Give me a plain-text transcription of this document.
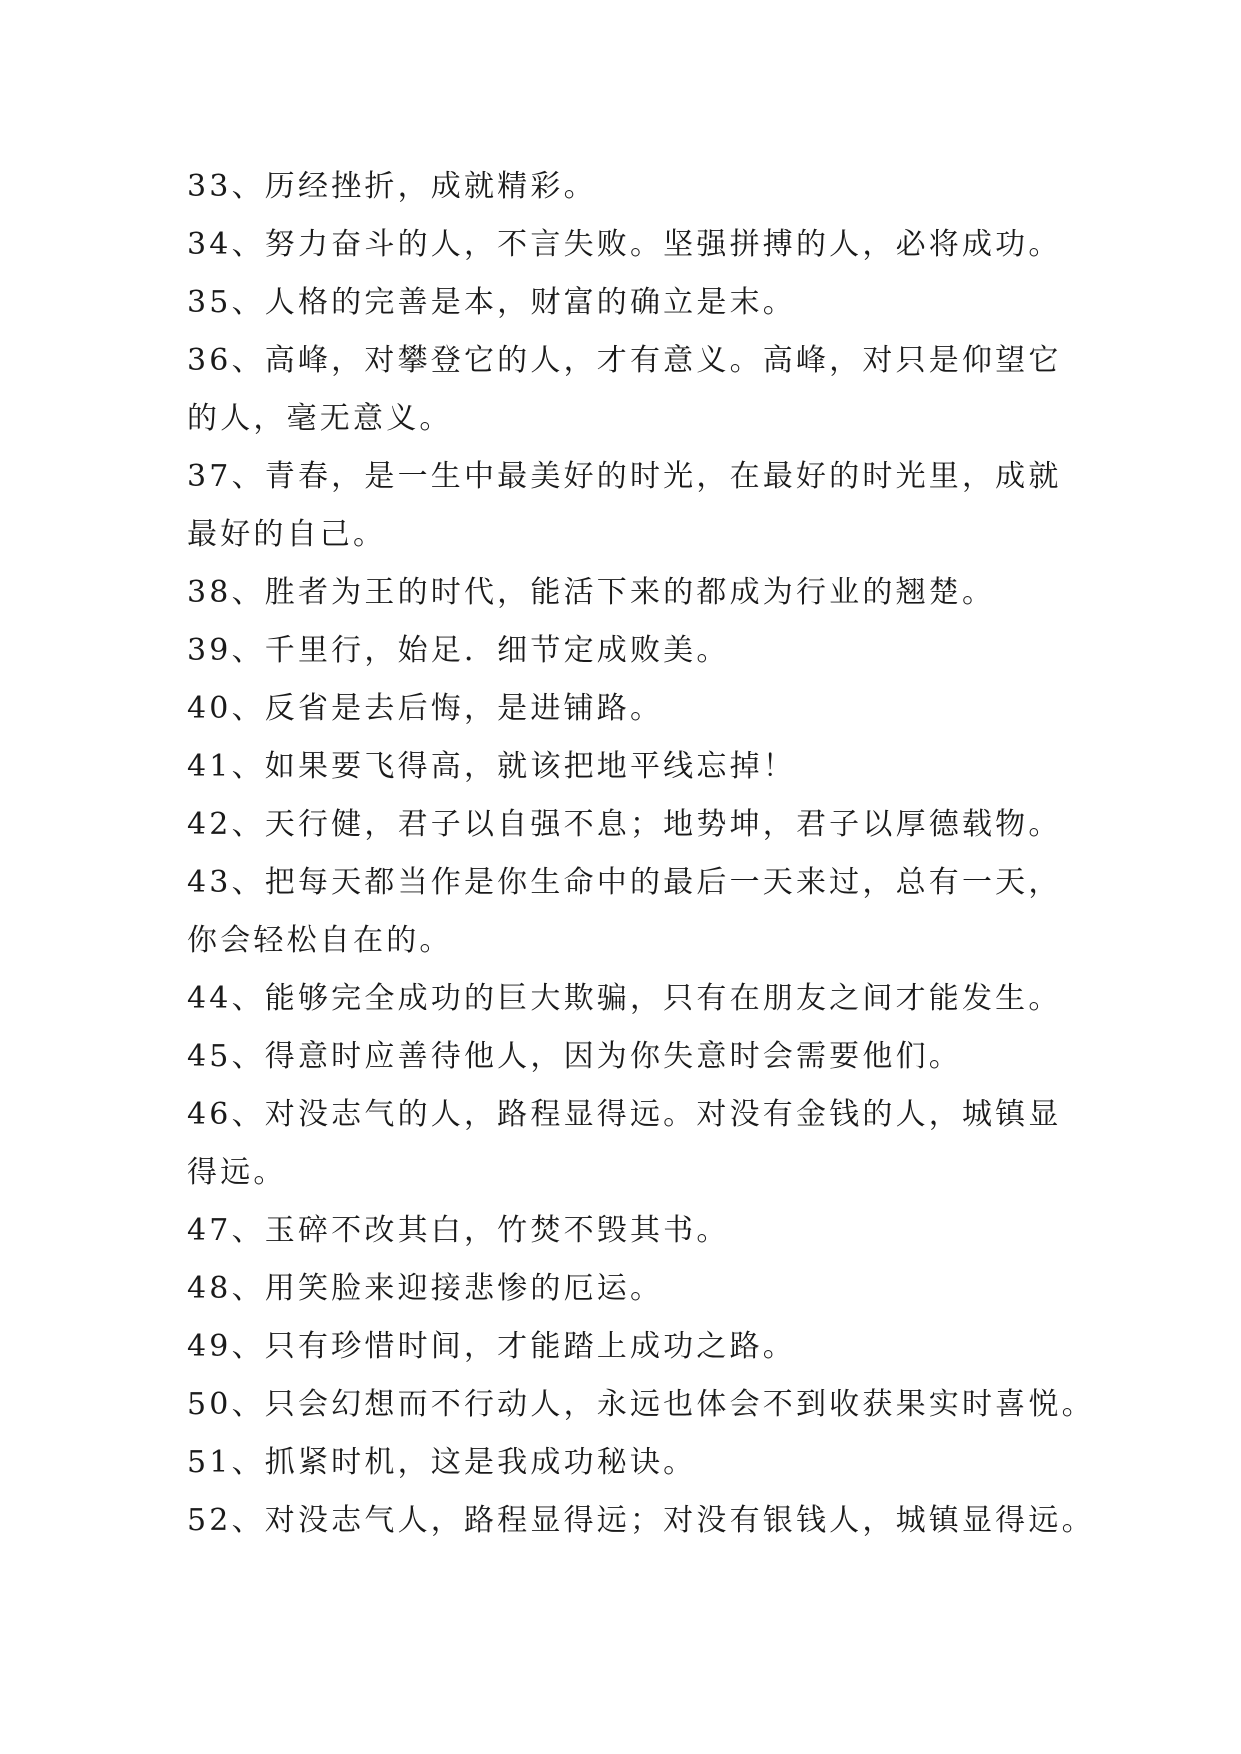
33、历经挫折，成就精彩。
34、努力奋斗的人，不言失败。坚强拼搏的人，必将成功。
35、人格的完善是本，财富的确立是末。
36、高峰，对攀登它的人，才有意义。高峰，对只是仰望它
的人，毫无意义。
37、青春，是一生中最美好的时光，在最好的时光里，成就
最好的自己。
38、胜者为王的时代，能活下来的都成为行业的翘楚。
39、千里行，始足．细节定成败美。
40、反省是去后悔，是进铺路。
41、如果要飞得高，就该把地平线忘掉！
42、天行健，君子以自强不息；地势坤，君子以厚德载物。
43、把每天都当作是你生命中的最后一天来过，总有一天，
你会轻松自在的。
44、能够完全成功的巨大欺骗，只有在朋友之间才能发生。
45、得意时应善待他人，因为你失意时会需要他们。
46、对没志气的人，路程显得远。对没有金钱的人，城镇显
得远。
47、玉碎不改其白，竹焚不毁其书。
48、用笑脸来迎接悲惨的厄运。
49、只有珍惜时间，才能踏上成功之路。
50、只会幻想而不行动人，永远也体会不到收获果实时喜悦。
51、抓紧时机，这是我成功秘诀。
52、对没志气人，路程显得远；对没有银钱人，城镇显得远。
